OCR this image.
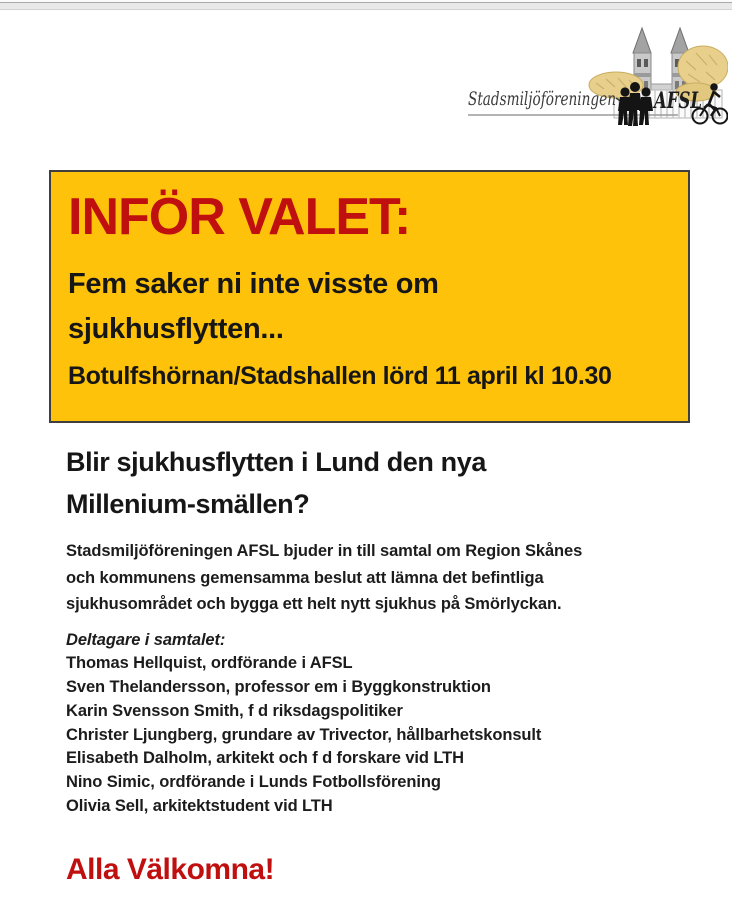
Stadsmiljöföreningen AFSL
INFÖR VALET:
Fem saker ni inte visste om
sjukhusflytten...
Botulfshörnan/Stadshallen lörd 11 april kl 10.30
Blir sjukhusflytten i Lund den nya
Millenium-smällen?
Stadsmiljöföreningen AFSL bjuder in till samtal om Region Skånes
och kommunens gemensamma beslut att lämna det befintliga
sjukhusområdet och bygga ett helt nytt sjukhus på Smörlyckan.
Deltagare i samtalet:
Thomas Hellquist, ordförande i AFSL
Sven Thelandersson, professor em i Byggkonstruktion
Karin Svensson Smith, f d riksdagspolitiker
Christer Ljungberg, grundare av Trivector, hållbarhetskonsult
Elisabeth Dalholm, arkitekt och f d forskare vid LTH
Nino Simic, ordförande i Lunds Fotbollsförening
Olivia Sell, arkitektstudent vid LTH
Alla Välkomna!
